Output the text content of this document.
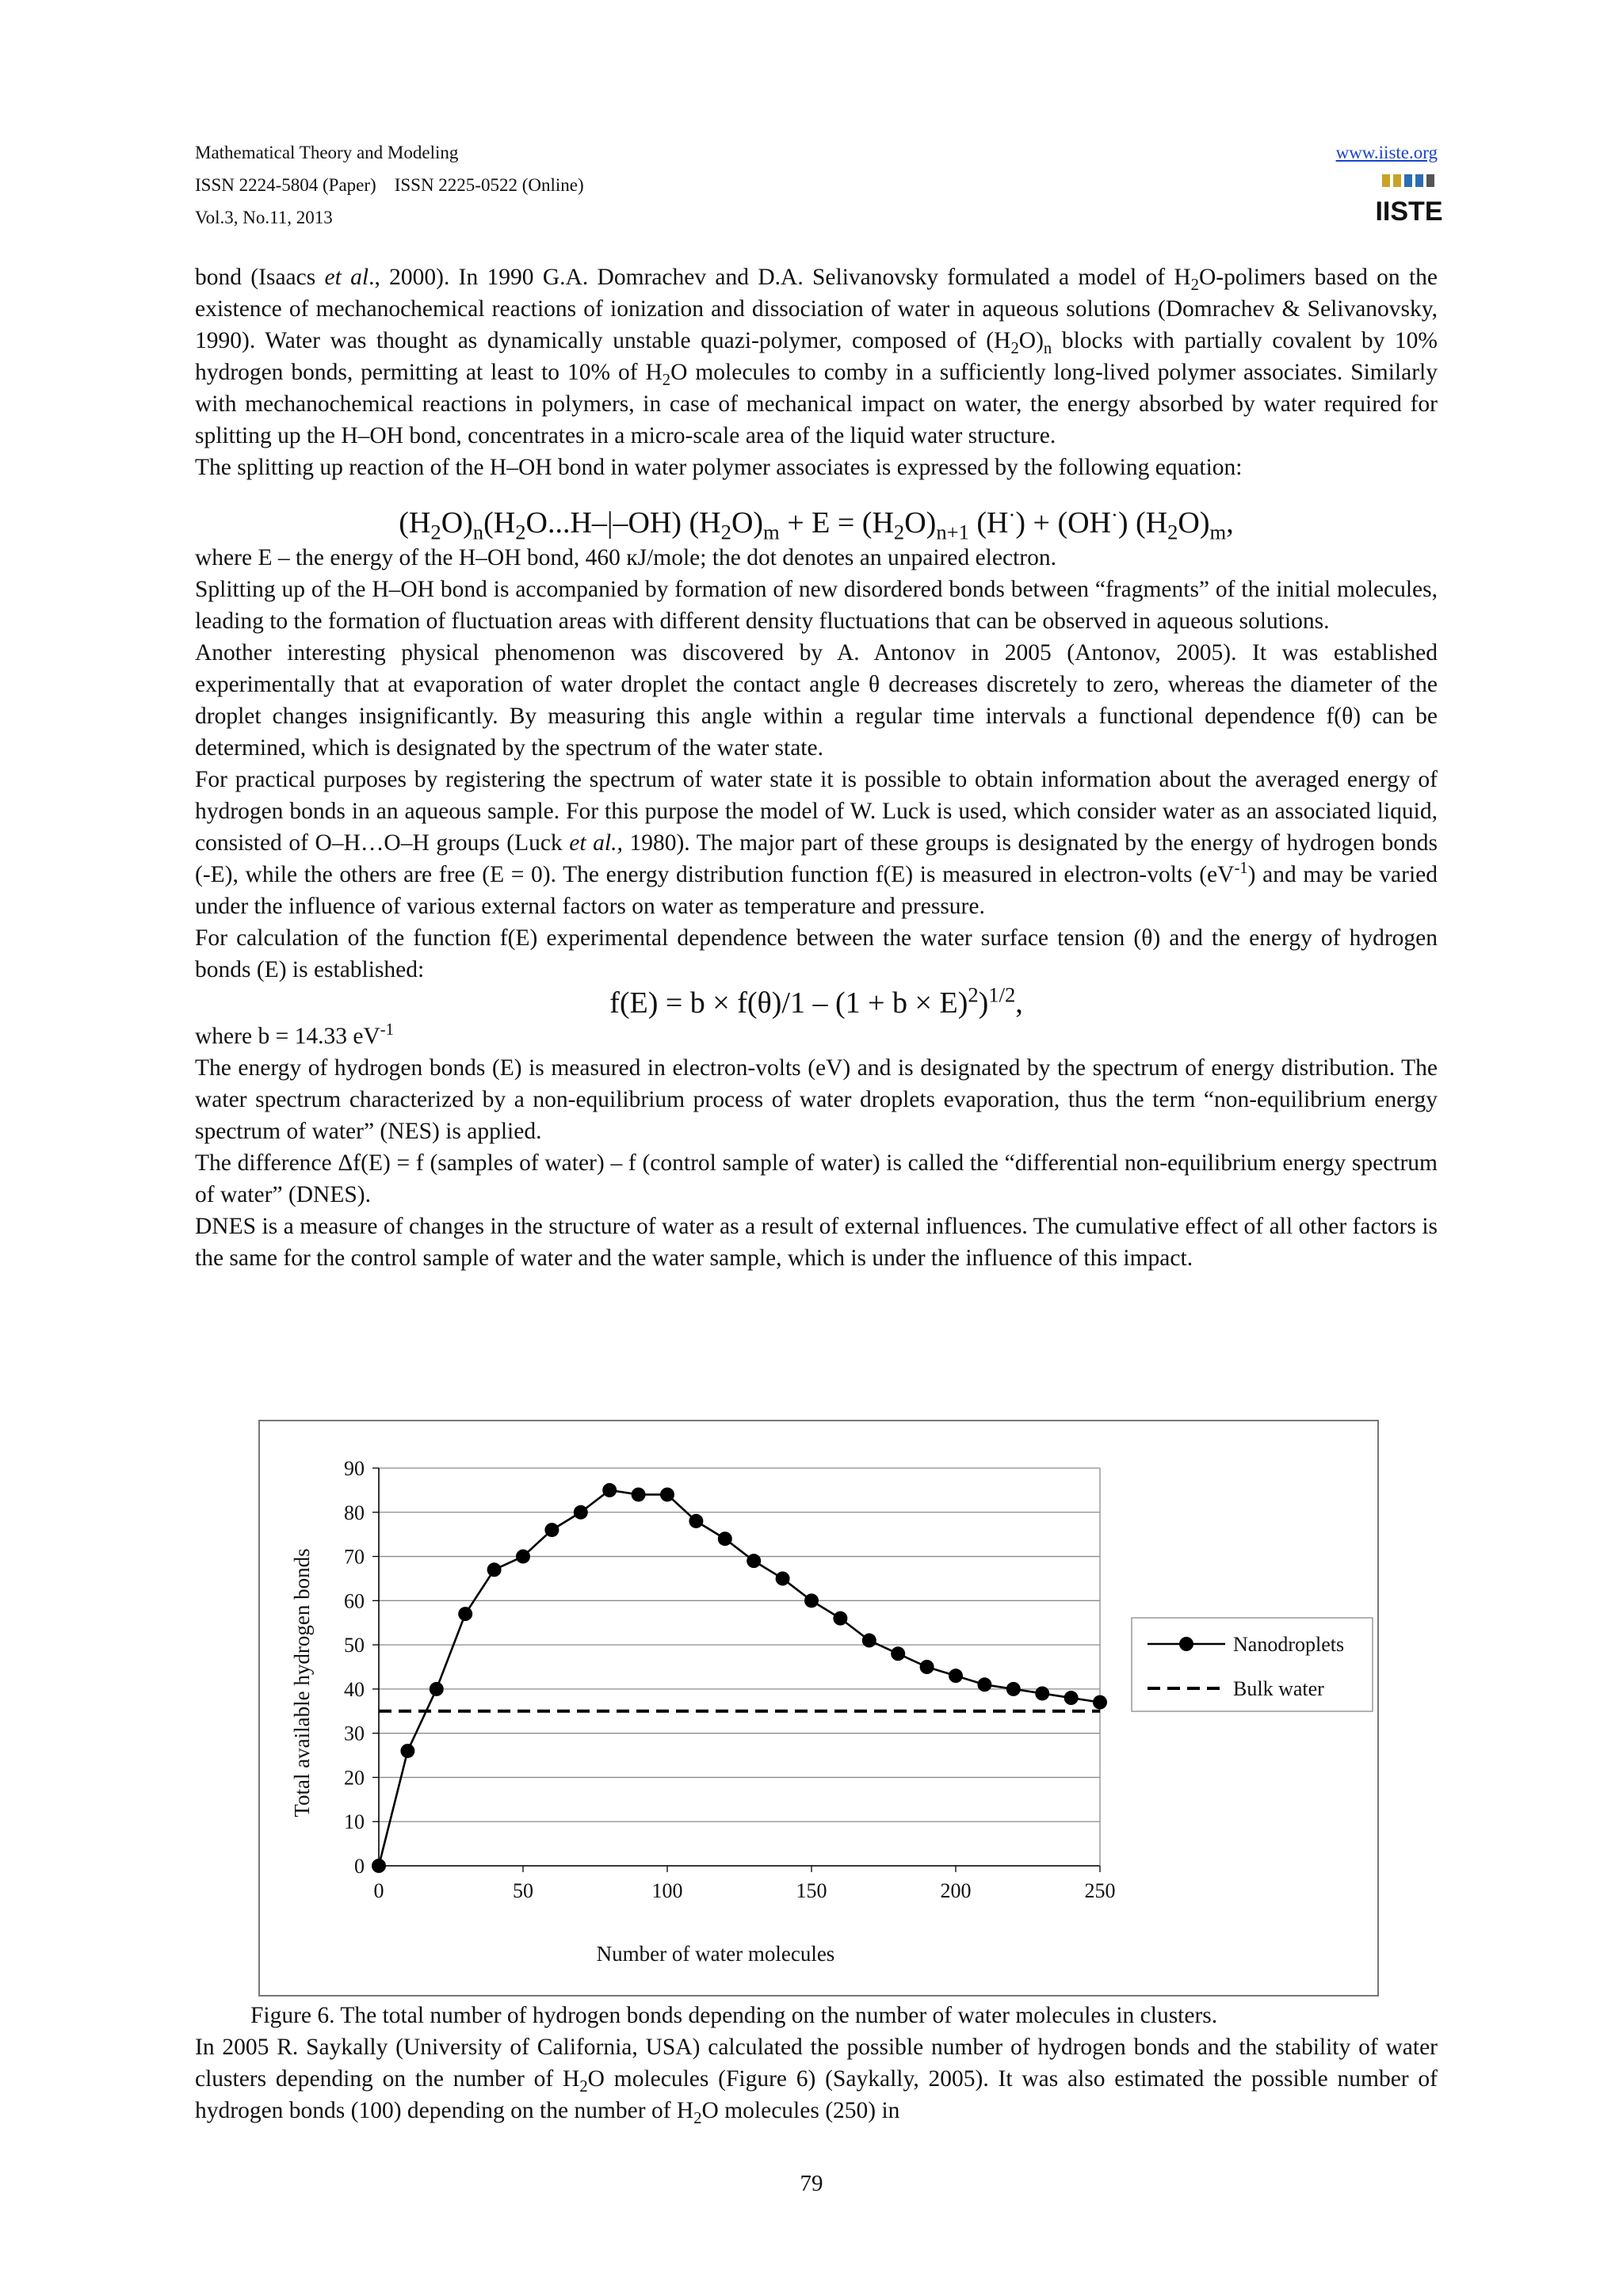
Mathematical Theory and Modeling
ISSN 2224-5804 (Paper)    ISSN 2225-0522 (Online)
Vol.3, No.11, 2013
www.iiste.org
IISTE

bond (Isaacs et al., 2000). In 1990 G.A. Domrachev and D.A. Selivanovsky formulated a model of $H_2O$-polimers based on the existence of mechanochemical reactions of ionization and dissociation of water in aqueous solutions (Domrachev & Selivanovsky, 1990). Water was thought as dynamically unstable quazi-polymer, composed of $(H_2O)_n$ blocks with partially covalent by 10% hydrogen bonds, permitting at least to 10% of $H_2O$ molecules to comby in a sufficiently long-lived polymer associates. Similarly with mechanochemical reactions in polymers, in case of mechanical impact on water, the energy absorbed by water required for splitting up the H–OH bond, concentrates in a micro-scale area of the liquid water structure.

The splitting up reaction of the H–OH bond in water polymer associates is expressed by the following equation:

$(H_2O)_n(H_2O...H-|-OH) (H_2O)_m + E = (H_2O)_{n+1}$ (H·) + (OH·) $(H_2O)_m$,

where E – the energy of the H–OH bond, 460 кJ/mole; the dot denotes an unpaired electron.

Splitting up of the H–OH bond is accompanied by formation of new disordered bonds between “fragments” of the initial molecules, leading to the formation of fluctuation areas with different density fluctuations that can be observed in aqueous solutions.

Another interesting physical phenomenon was discovered by A. Antonov in 2005 (Antonov, 2005). It was established experimentally that at evaporation of water droplet the contact angle θ decreases discretely to zero, whereas the diameter of the droplet changes insignificantly. By measuring this angle within a regular time intervals a functional dependence f(θ) can be determined, which is designated by the spectrum of the water state.

For practical purposes by registering the spectrum of water state it is possible to obtain information about the averaged energy of hydrogen bonds in an aqueous sample. For this purpose the model of W. Luck is used, which consider water as an associated liquid, consisted of O–H…O–H groups (Luck et al., 1980). The major part of these groups is designated by the energy of hydrogen bonds (-E), while the others are free (E = 0). The energy distribution function f(E) is measured in electron-volts $(eV^{-1})$ and may be varied under the influence of various external factors on water as temperature and pressure.

For calculation of the function f(E) experimental dependence between the water surface tension (θ) and the energy of hydrogen bonds (E) is established:

$f(E) = b \times f(\theta)/1 - (1 + b \times E)^2)^{1/2}$,

where b = 14.33 $eV^{-1}$

The energy of hydrogen bonds (E) is measured in electron-volts (eV) and is designated by the spectrum of energy distribution. The water spectrum characterized by a non-equilibrium process of water droplets evaporation, thus the term “non-equilibrium energy spectrum of water” (NES) is applied.

The difference Δf(E) = f (samples of water) – f (control sample of water) is called the “differential non-equilibrium energy spectrum of water” (DNES).

DNES is a measure of changes in the structure of water as a result of external influences. The cumulative effect of all other factors is the same for the control sample of water and the water sample, which is under the influence of this impact.

0
10
20
30
40
50
60
70
80
90
0	50	100	150	200	250
Number of water molecules
Total available hydrogen bonds	Nanodroplets
Bulk water

Figure 6. The total number of hydrogen bonds depending on the number of water molecules in clusters.

In 2005 R. Saykally (University of California, USA) calculated the possible number of hydrogen bonds and the stability of water clusters depending on the number of $H_2O$ molecules (Figure 6) (Saykally, 2005). It was also estimated the possible number of hydrogen bonds (100) depending on the number of $H_2O$ molecules (250) in

79
